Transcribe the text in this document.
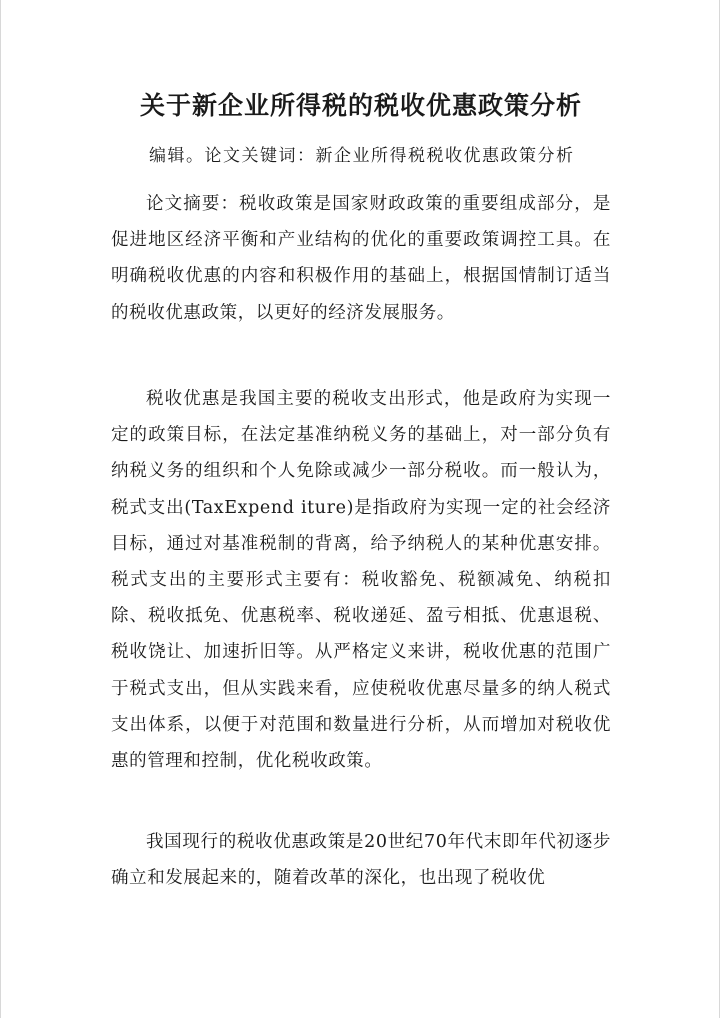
关于新企业所得税的税收优惠政策分析
编辑。论文关键词：新企业所得税税收优惠政策分析

论文摘要：税收政策是国家财政政策的重要组成部分，是促进地区经济平衡和产业结构的优化的重要政策调控工具。在明确税收优惠的内容和积极作用的基础上，根据国情制订适当的税收优惠政策，以更好的经济发展服务。

税收优惠是我国主要的税收支出形式，他是政府为实现一定的政策目标，在法定基准纳税义务的基础上，对一部分负有纳税义务的组织和个人免除或减少一部分税收。而一般认为，税式支出(TaxExpend iture)是指政府为实现一定的社会经济目标，通过对基准税制的背离，给予纳税人的某种优惠安排。税式支出的主要形式主要有：税收豁免、税额减免、纳税扣除、税收抵免、优惠税率、税收递延、盈亏相抵、优惠退税、税收饶让、加速折旧等。从严格定义来讲，税收优惠的范围广于税式支出，但从实践来看，应使税收优惠尽量多的纳人税式支出体系，以便于对范围和数量进行分析，从而增加对税收优惠的管理和控制，优化税收政策。

我国现行的税收优惠政策是20世纪70年代末即年代初逐步确立和发展起来的，随着改革的深化，也出现了税收优
